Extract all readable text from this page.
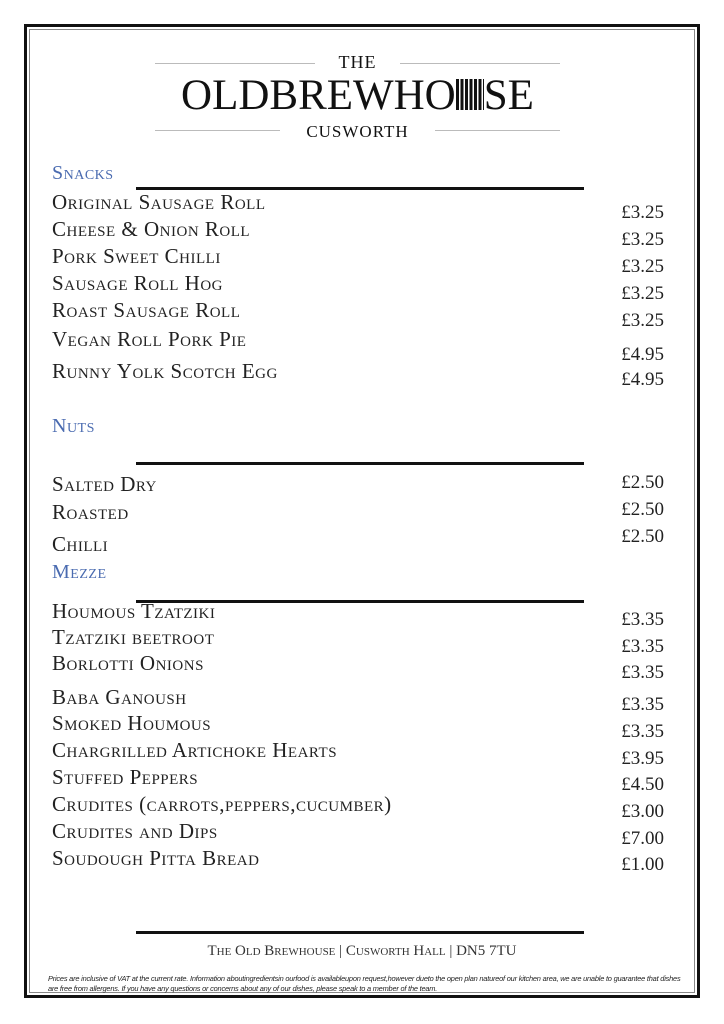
THE
OLDBREWHO SE
CUSWORTH
Snacks
Original Sausage Roll
Cheese & Onion Roll
Pork Sweet Chilli
Sausage Roll Hog
Roast Sausage Roll
Vegan Roll Pork Pie
Runny Yolk Scotch Egg
£3.25
£3.25
£3.25
£3.25
£3.25
£4.95
£4.95
Nuts
Salted Dry
Roasted
Chilli
£2.50
£2.50
£2.50
Mezze
Houmous Tzatziki
Tzatziki beetroot
Borlotti Onions
Baba Ganoush
Smoked Houmous
Chargrilled Artichoke Hearts
Stuffed Peppers
Crudites (carrots,peppers,cucumber)
Crudites and Dips
Soudough Pitta Bread
£3.35
£3.35
£3.35
£3.35
£3.35
£3.95
£4.50
£3.00
£7.00
£1.00
The Old Brewhouse | Cusworth Hall | DN5 7TU
Prices are inclusive of VAT at the current rate. Information aboutingredientsin ourfood is availableupon request,however dueto the open plan natureof our kitchen area, we are unable to guarantee that dishes are free from allergens. If you have any questions or concerns about any of our dishes, please speak to a member of the team.
